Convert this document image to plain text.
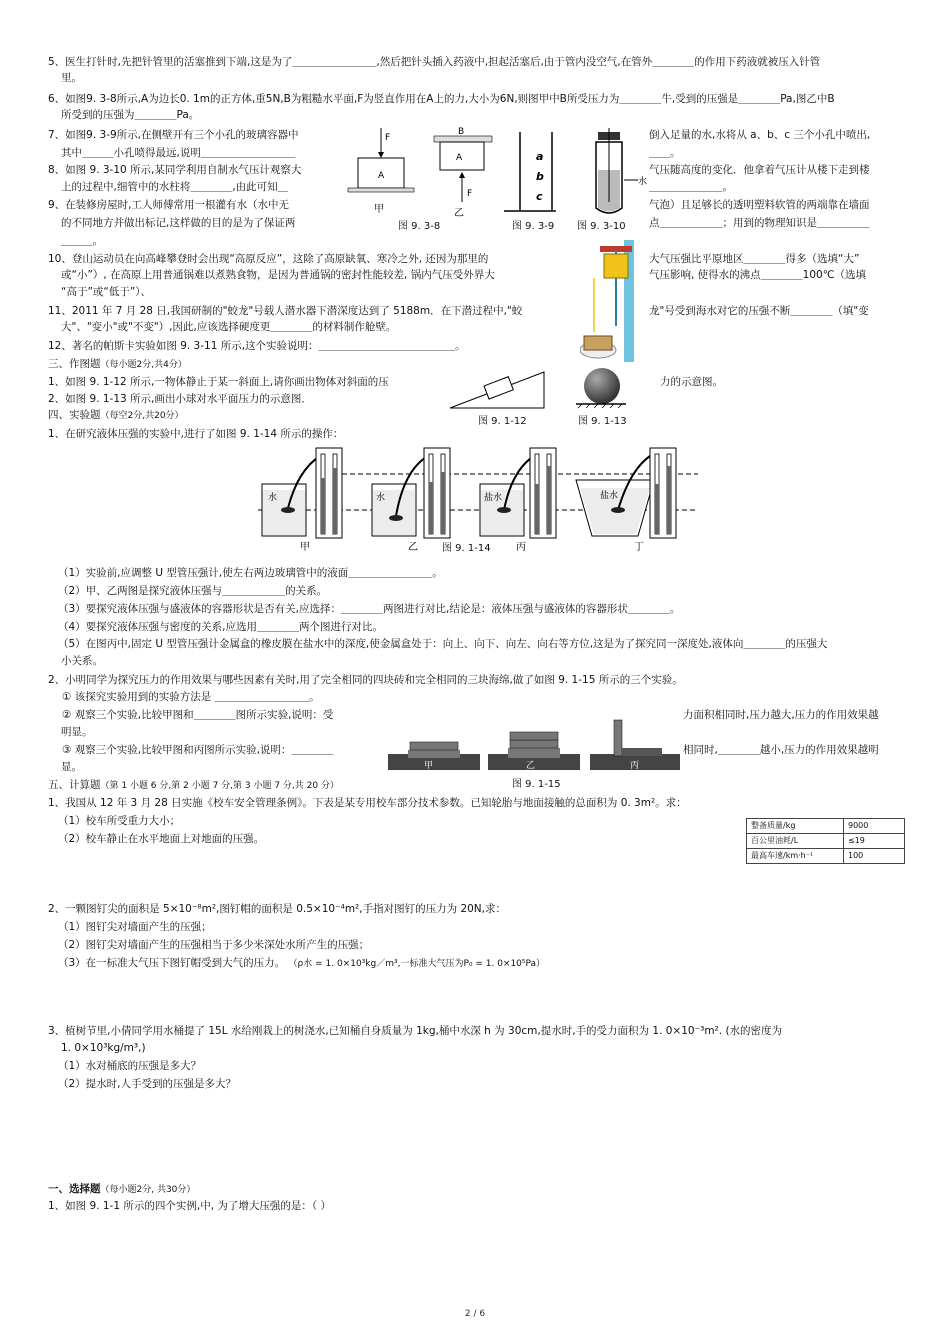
5、医生打针时,先把针管里的活塞推到下端,这是为了＿＿＿＿＿＿＿＿,然后把针头插入药液中,担起活塞后,由于管内没空气,在管外＿＿＿＿的作用下药液就被压入针管
里。
6、如图9. 3-8所示,A为边长0. 1m的正方体,重5N,B为粗糙水平面,F为竖直作用在A上的力,大小为6N,则图甲中B所受压力为＿＿＿＿牛,受到的压强是＿＿＿＿Pa,图乙中B
所受到的压强为＿＿＿＿Pa。
7、如图9. 3-9所示,在侧壁开有三个小孔的玻璃容器中	倒入足量的水,水将从 a、b、c 三个小孔中喷出,
其中＿＿＿小孔喷得最远,说明＿＿＿＿＿＿＿＿＿	＿＿。
8、如图 9. 3-10 所示,某同学利用自制水气压计观察大	气压随高度的变化．他拿着气压计从楼下走到楼
上的过程中,细管中的水柱将＿＿＿＿,由此可知＿	＿＿＿＿＿＿＿。
9、在装修房屋时,工人师傅常用一根灌有水（水中无	气泡）且足够长的透明塑料软管的两端靠在墙面
的不同地方并做出标记,这样做的目的是为了保证两	点＿＿＿＿＿＿；用到的物理知识是＿＿＿＿＿
＿＿＿。
A
F
A
B
F
甲	乙
图 9. 3-8
a
b
c
图 9. 3-9
水
图 9. 3-10
10、登山运动员在向高峰攀登时会出现“高原反应”，这除了高原缺氧、寒冷之外, 还因为那里的	大气压强比平原地区＿＿＿＿得多（选填“大”
或“小”）, 在高原上用普通锅难以煮熟食物，是因为普通锅的密封性能较差, 锅内气压受外界大	气压影响, 使得水的沸点＿＿＿＿100℃（选填
“高于”或“低于”）、
11、2011 年 7 月 28 日,我国研制的"蛟龙"号载人潜水器下潜深度达到了 5188m．在下潜过程中,"蛟	龙"号受到海水对它的压强不断＿＿＿＿（填"变
大"、"变小"或"不变"）,因此,应该选择硬度更＿＿＿＿的材料制作舱壁。
12、著名的帕斯卡实验如图 9. 3-11 所示,这个实验说明：＿＿＿＿＿＿＿＿＿＿＿＿＿。
三、作图题（每小题2分,共4分）
1、如图 9. 1-12 所示,一物体静止于某一斜面上,请你画出物体对斜面的压	力的示意图。
2、如图 9. 1-13 所示,画出小球对水平面压力的示意图．
图 9. 1-12	图 9. 1-13
四、实验题（每空2分,共20分）
1、在研究液体压强的实验中,进行了如图 9. 1-14 所示的操作：
水	水	盐水	盐水
甲	乙	丙	丁
图 9. 1-14
（1）实验前,应调整 U 型管压强计,使左右两边玻璃管中的液面＿＿＿＿＿＿＿＿。
（2）甲、乙两图是探究液体压强与＿＿＿＿＿＿的关系。
（3）要探究液体压强与盛液体的容器形状是否有关,应选择：＿＿＿＿两图进行对比,结论是：液体压强与盛液体的容器形状＿＿＿＿。
（4）要探究液体压强与密度的关系,应选用＿＿＿＿两个图进行对比。
（5）在图丙中,固定 U 型管压强计金属盒的橡皮膜在盐水中的深度,使金属盒处于：向上、向下、向左、向右等方位,这是为了探究同一深度处,液体向＿＿＿＿的压强大
小关系。
2、小明同学为探究压力的作用效果与哪些因素有关时,用了完全相同的四块砖和完全相同的三块海绵,做了如图 9. 1-15 所示的三个实验。
① 该探究实验用到的实验方法是 ＿＿＿＿＿＿＿＿＿。
② 观察三个实验,比较甲图和＿＿＿＿图所示实验,说明：受	力面积相同时,压力越大,压力的作用效果越
明显。
③ 观察三个实验,比较甲图和丙图所示实验,说明：＿＿＿＿	相同时,＿＿＿＿越小,压力的作用效果越明
显。	甲	乙	丙
图 9. 1-15
五、计算题（第 1 小题 6 分,第 2 小题 7 分,第 3 小题 7 分,共 20 分）
1、我国从 12 年 3 月 28 日实施《校车安全管理条例》。下表是某专用校车部分技术参数。已知轮胎与地面接触的总面积为 0. 3m²。求：
（1）校车所受重力大小；
（2）校车静止在水平地面上对地面的压强。
整备质量/kg	9000
百公里油耗/L	≤19
最高车速/km·h⁻¹	100
2、一颗图钉尖的面积是 5×10⁻⁸m²,图钉帽的面积是 0.5×10⁻⁴m²,手指对图钉的压力为 20N,求：
（1）图钉尖对墙面产生的压强；
（2）图钉尖对墙面产生的压强相当于多少米深处水所产生的压强；
（3）在一标准大气压下图钉帽受到大气的压力。 （ρ水 = 1. 0×10³kg／m³,一标准大气压为P₀ = 1. 0×10⁵Pa）
3、植树节里,小倩同学用水桶提了 15L 水给刚栽上的树浇水,已知桶自身质量为 1kg,桶中水深 h 为 30cm,提水时,手的受力面积为 1. 0×10⁻³m². (水的密度为
1. 0×10³kg/m³,)
（1）水对桶底的压强是多大？
（2）提水时,人手受到的压强是多大？
一、选择题（每小题2分, 共30分）
1、如图 9. 1-1 所示的四个实例,中, 为了增大压强的是：（ ）
2 / 6
